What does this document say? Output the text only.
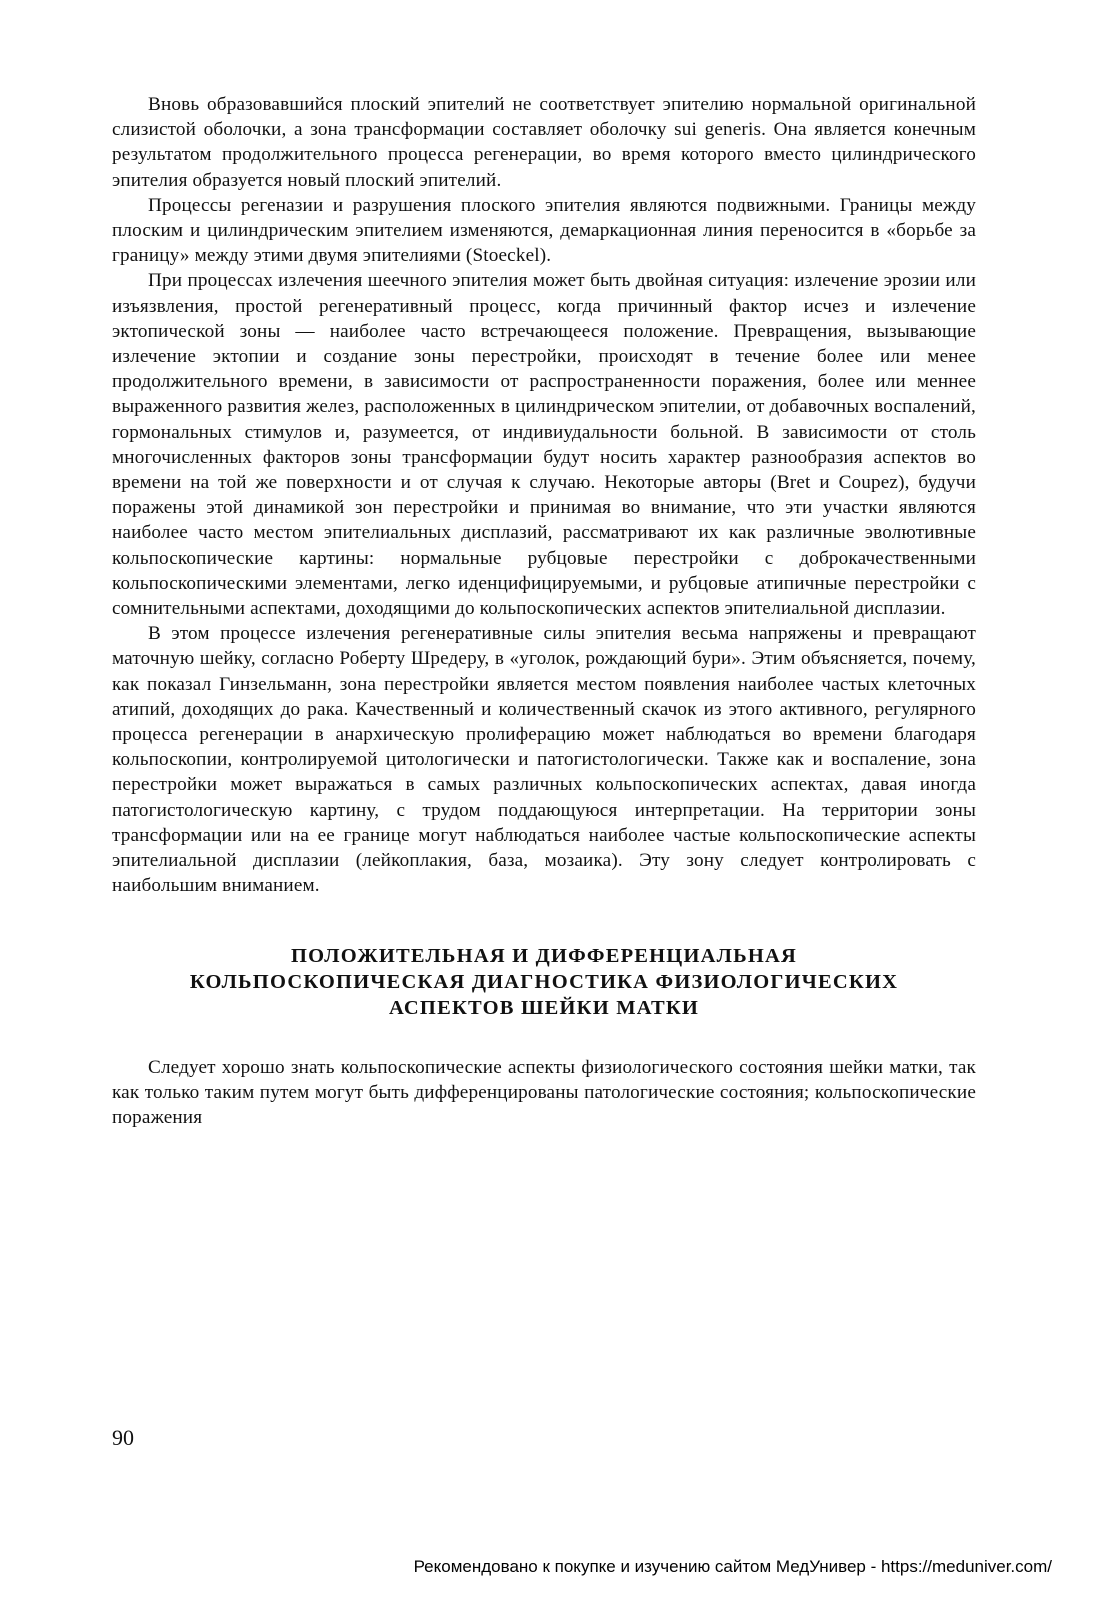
Вновь образовавшийся плоский эпителий не соответствует эпителию нормальной оригинальной слизистой оболочки, а зона трансформации составляет оболочку sui generis. Она является конечным результатом продолжительного процесса регенерации, во время которого вместо цилиндрического эпителия образуется новый плоский эпителий.

Процессы регеназии и разрушения плоского эпителия являются подвижными. Границы между плоским и цилиндрическим эпителием изменяются, демаркационная линия переносится в «борьбе за границу» между этими двумя эпителиями (Stoeckel).

При процессах излечения шеечного эпителия может быть двойная ситуация: излечение эрозии или изъязвления, простой регенеративный процесс, когда причинный фактор исчез и излечение эктопической зоны — наиболее часто встречающееся положение. Превращения, вызывающие излечение эктопии и создание зоны перестройки, происходят в течение более или менее продолжительного времени, в зависимости от распространенности поражения, более или меннее выраженного развития желез, расположенных в цилиндрическом эпителии, от добавочных воспалений, гормональных стимулов и, разумеется, от индивиудальности больной. В зависимости от столь многочисленных факторов зоны трансформации будут носить характер разнообразия аспектов во времени на той же поверхности и от случая к случаю. Некоторые авторы (Bret и Coupez), будучи поражены этой динамикой зон перестройки и принимая во внимание, что эти участки являются наиболее часто местом эпителиальных дисплазий, рассматривают их как различные эволютивные кольпоскопические картины: нормальные рубцовые перестройки с доброкачественными кольпоскопическими элементами, легко иденцифицируемыми, и рубцовые атипичные перестройки с сомнительными аспектами, доходящими до кольпоскопических аспектов эпителиальной дисплазии.

В этом процессе излечения регенеративные силы эпителия весьма напряжены и превращают маточную шейку, согласно Роберту Шредеру, в «уголок, рождающий бури». Этим объясняется, почему, как показал Гинзельманн, зона перестройки является местом появления наиболее частых клеточных атипий, доходящих до рака. Качественный и количественный скачок из этого активного, регулярного процесса регенерации в анархическую пролиферацию может наблюдаться во времени благодаря кольпоскопии, контролируемой цитологически и патогистологически. Также как и воспаление, зона перестройки может выражаться в самых различных кольпоскопических аспектах, давая иногда патогистологическую картину, с трудом поддающуюся интерпретации. На территории зоны трансформации или на ее границе могут наблюдаться наиболее частые кольпоскопические аспекты эпителиальной дисплазии (лейкоплакия, база, мозаика). Эту зону следует контролировать с наибольшим вниманием.

ПОЛОЖИТЕЛЬНАЯ И ДИФФЕРЕНЦИАЛЬНАЯ
КОЛЬПОСКОПИЧЕСКАЯ ДИАГНОСТИКА ФИЗИОЛОГИЧЕСКИХ
АСПЕКТОВ ШЕЙКИ МАТКИ

Следует хорошо знать кольпоскопические аспекты физиологического состояния шейки матки, так как только таким путем могут быть дифференцированы патологические состояния; кольпоскопические поражения

90
Рекомендовано к покупке и изучению сайтом МедУнивер - https://meduniver.com/
